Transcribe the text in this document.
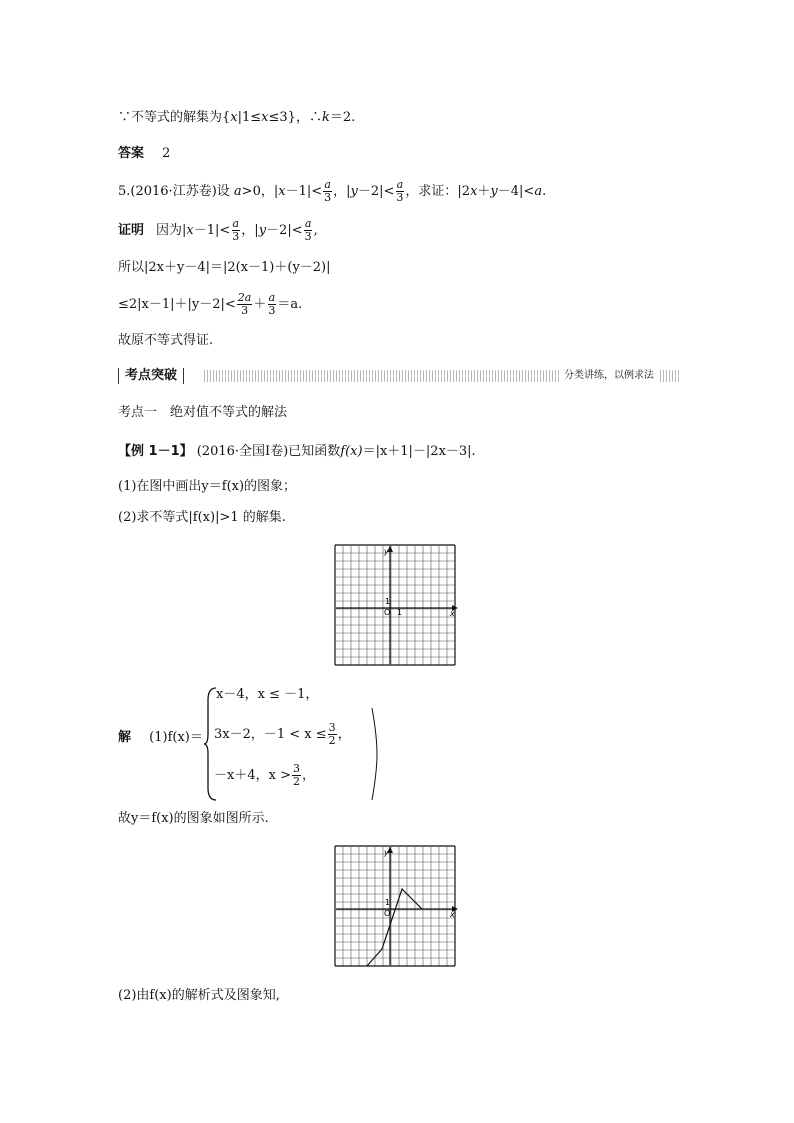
∵不等式的解集为{x|1≤x≤3}，∴k＝2.
答案 2
5.(2016·江苏卷)设 a>0，$|x-1|< \frac{a}{3}$ ，$|y-2|< \frac{a}{3}$ ，求证：|2x＋y－4|<a.
证明 因为$|x-1|< \frac{a}{3}$ ，$|y-2|< \frac{a}{3}$ ,
所以|2x＋y－4|＝|2(x－1)＋(y－2)|
$\le 2|x-1|+|y-2|< \frac{2a}{3} + \frac{a}{3} =a$.
故原不等式得证.
考点突破	分类讲练，以例求法
考点一　绝对值不等式的解法
【例 1－1】 (2016·全国Ⅰ卷)已知函数f(x)＝|x＋1|－|2x－3|.
(1)在图中画出y＝f(x)的图象；
(2)求不等式|f(x)|>1 的解集.
y
x
O 1
1
解 (1)f(x)＝
x－4，x ≤ －1，
3x－2，$-1 < x \le \frac{3}{2}$ ，
－x＋4，$x > \frac{3}{2}$ ，
故y＝f(x)的图象如图所示.
y
x
O
1
(2)由f(x)的解析式及图象知,
